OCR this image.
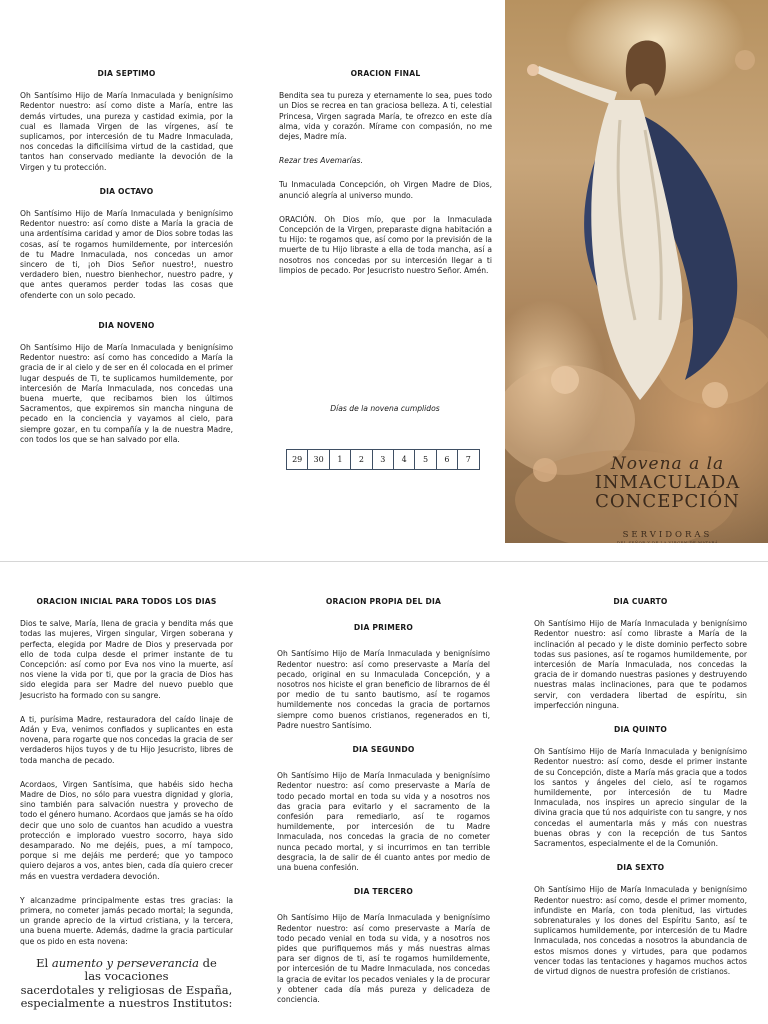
DIA SEPTIMO

Oh Santísimo Hijo de María Inmaculada y benignísimo Redentor nuestro: así como diste a María, entre las demás virtudes, una pureza y castidad eximia, por la cual es llamada Virgen de las vírgenes, así te suplicamos, por intercesión de tu Madre Inmaculada, nos concedas la dificilísima virtud de la castidad, que tantos han conservado mediante la devoción de la Virgen y tu protección.

DIA OCTAVO

Oh Santísimo Hijo de María Inmaculada y benignísimo Redentor nuestro: así como diste a María la gracia de una ardentísima caridad y amor de Dios sobre todas las cosas, así te rogamos humildemente, por intercesión de tu Madre Inmaculada, nos concedas un amor sincero de ti, ¡oh Dios Señor nuestro!, nuestro verdadero bien, nuestro bienhechor, nuestro padre, y que antes queramos perder todas las cosas que ofenderte con un solo pecado.

DIA NOVENO

Oh Santísimo Hijo de María Inmaculada y benignísimo Redentor nuestro: así como has concedido a María la gracia de ir al cielo y de ser en él colocada en el primer lugar después de Ti, te suplicamos humildemente, por intercesión de María Inmaculada, nos concedas una buena muerte, que recibamos bien los últimos Sacramentos, que expiremos sin mancha ninguna de pecado en la conciencia y vayamos al cielo, para siempre gozar, en tu compañía y la de nuestra Madre, con todos los que se han salvado por ella.

ORACION FINAL

Bendita sea tu pureza y eternamente lo sea, pues todo un Dios se recrea en tan graciosa belleza. A ti, celestial Princesa, Virgen sagrada María, te ofrezco en este día alma, vida y corazón. Mírame con compasión, no me dejes, Madre mía.

Rezar tres Avemarías.

Tu Inmaculada Concepción, oh Virgen Madre de Dios, anunció alegría al universo mundo.

ORACIÓN. Oh Dios mío, que por la Inmaculada Concepción de la Virgen, preparaste digna habitación a tu Hijo: te rogamos que, así como por la previsión de la muerte de tu Hijo libraste a ella de toda mancha, así a nosotros nos concedas por su intercesión llegar a ti limpios de pecado. Por Jesucristo nuestro Señor. Amén.

Días de la novena cumplidos
29	30	1	2	3	4	5	6	7	Novena a la
INMACULADA
CONCEPCIÓN
SERVIDORAS
DEL SEÑOR Y DE LA VIRGEN DE MATARÁ
ORACION INICIAL PARA TODOS LOS DIAS

Dios te salve, María, llena de gracia y bendita más que todas las mujeres, Virgen singular, Virgen soberana y perfecta, elegida por Madre de Dios y preservada por ello de toda culpa desde el primer instante de tu Concepción: así como por Eva nos vino la muerte, así nos viene la vida por ti, que por la gracia de Dios has sido elegida para ser Madre del nuevo pueblo que Jesucristo ha formado con su sangre.

A ti, purísima Madre, restauradora del caído linaje de Adán y Eva, venimos confiados y suplicantes en esta novena, para rogarte que nos concedas la gracia de ser verdaderos hijos tuyos y de tu Hijo Jesucristo, libres de toda mancha de pecado.

Acordaos, Virgen Santísima, que habéis sido hecha Madre de Dios, no sólo para vuestra dignidad y gloria, sino también para salvación nuestra y provecho de todo el género humano. Acordaos que jamás se ha oído decir que uno solo de cuantos han acudido a vuestra protección e implorado vuestro socorro, haya sido desamparado. No me dejéis, pues, a mí tampoco, porque si me dejáis me perderé; que yo tampoco quiero dejaros a vos, antes bien, cada día quiero crecer más en vuestra verdadera devoción.

Y alcanzadme principalmente estas tres gracias: la primera, no cometer jamás pecado mortal; la segunda, un grande aprecio de la virtud cristiana, y la tercera, una buena muerte. Además, dadme la gracia particular que os pido en esta novena:

El aumento y perseverancia de
las vocaciones
sacerdotales y religiosas de España,
especialmente a nuestros Institutos:
ORACION PROPIA DEL DIA
DIA PRIMERO

Oh Santísimo Hijo de María Inmaculada y benignísimo Redentor nuestro: así como preservaste a María del pecado, original en su Inmaculada Concepción, y a nosotros nos hiciste el gran beneficio de librarnos de él por medio de tu santo bautismo, así te rogamos humildemente nos concedas la gracia de portarnos siempre como buenos cristianos, regenerados en ti, Padre nuestro Santísimo.

DIA SEGUNDO

Oh Santísimo Hijo de María Inmaculada y benignísimo Redentor nuestro: así como preservaste a María de todo pecado mortal en toda su vida y a nosotros nos das gracia para evitarlo y el sacramento de la confesión para remediarlo, así te rogamos humildemente, por intercesión de tu Madre Inmaculada, nos concedas la gracia de no cometer nunca pecado mortal, y si incurrimos en tan terrible desgracia, la de salir de él cuanto antes por medio de una buena confesión.

DIA TERCERO

Oh Santísimo Hijo de María Inmaculada y benignísimo Redentor nuestro: así como preservaste a María de todo pecado venial en toda su vida, y a nosotros nos pides que purifiquemos más y más nuestras almas para ser dignos de ti, así te rogamos humildemente, por intercesión de tu Madre Inmaculada, nos concedas la gracia de evitar los pecados veniales y la de procurar y obtener cada día más pureza y delicadeza de conciencia.

DIA CUARTO

Oh Santísimo Hijo de María Inmaculada y benignísimo Redentor nuestro: así como libraste a María de la inclinación al pecado y le diste dominio perfecto sobre todas sus pasiones, así te rogamos humildemente, por intercesión de María Inmaculada, nos concedas la gracia de ir domando nuestras pasiones y destruyendo nuestras malas inclinaciones, para que te podamos servir, con verdadera libertad de espíritu, sin imperfección ninguna.

DIA QUINTO

Oh Santísimo Hijo de María Inmaculada y benignísimo Redentor nuestro: así como, desde el primer instante de su Concepción, diste a María más gracia que a todos los santos y ángeles del cielo, así te rogamos humildemente, por intercesión de tu Madre Inmaculada, nos inspires un aprecio singular de la divina gracia que tú nos adquiriste con tu sangre, y nos concedas el aumentarla más y más con nuestras buenas obras y con la recepción de tus Santos Sacramentos, especialmente el de la Comunión.

DIA SEXTO

Oh Santísimo Hijo de María Inmaculada y benignísimo Redentor nuestro: así como, desde el primer momento, infundiste en María, con toda plenitud, las virtudes sobrenaturales y los dones del Espíritu Santo, así te suplicamos humildemente, por intercesión de tu Madre Inmaculada, nos concedas a nosotros la abundancia de estos mismos dones y virtudes, para que podamos vencer todas las tentaciones y hagamos muchos actos de virtud dignos de nuestra profesión de cristianos.
